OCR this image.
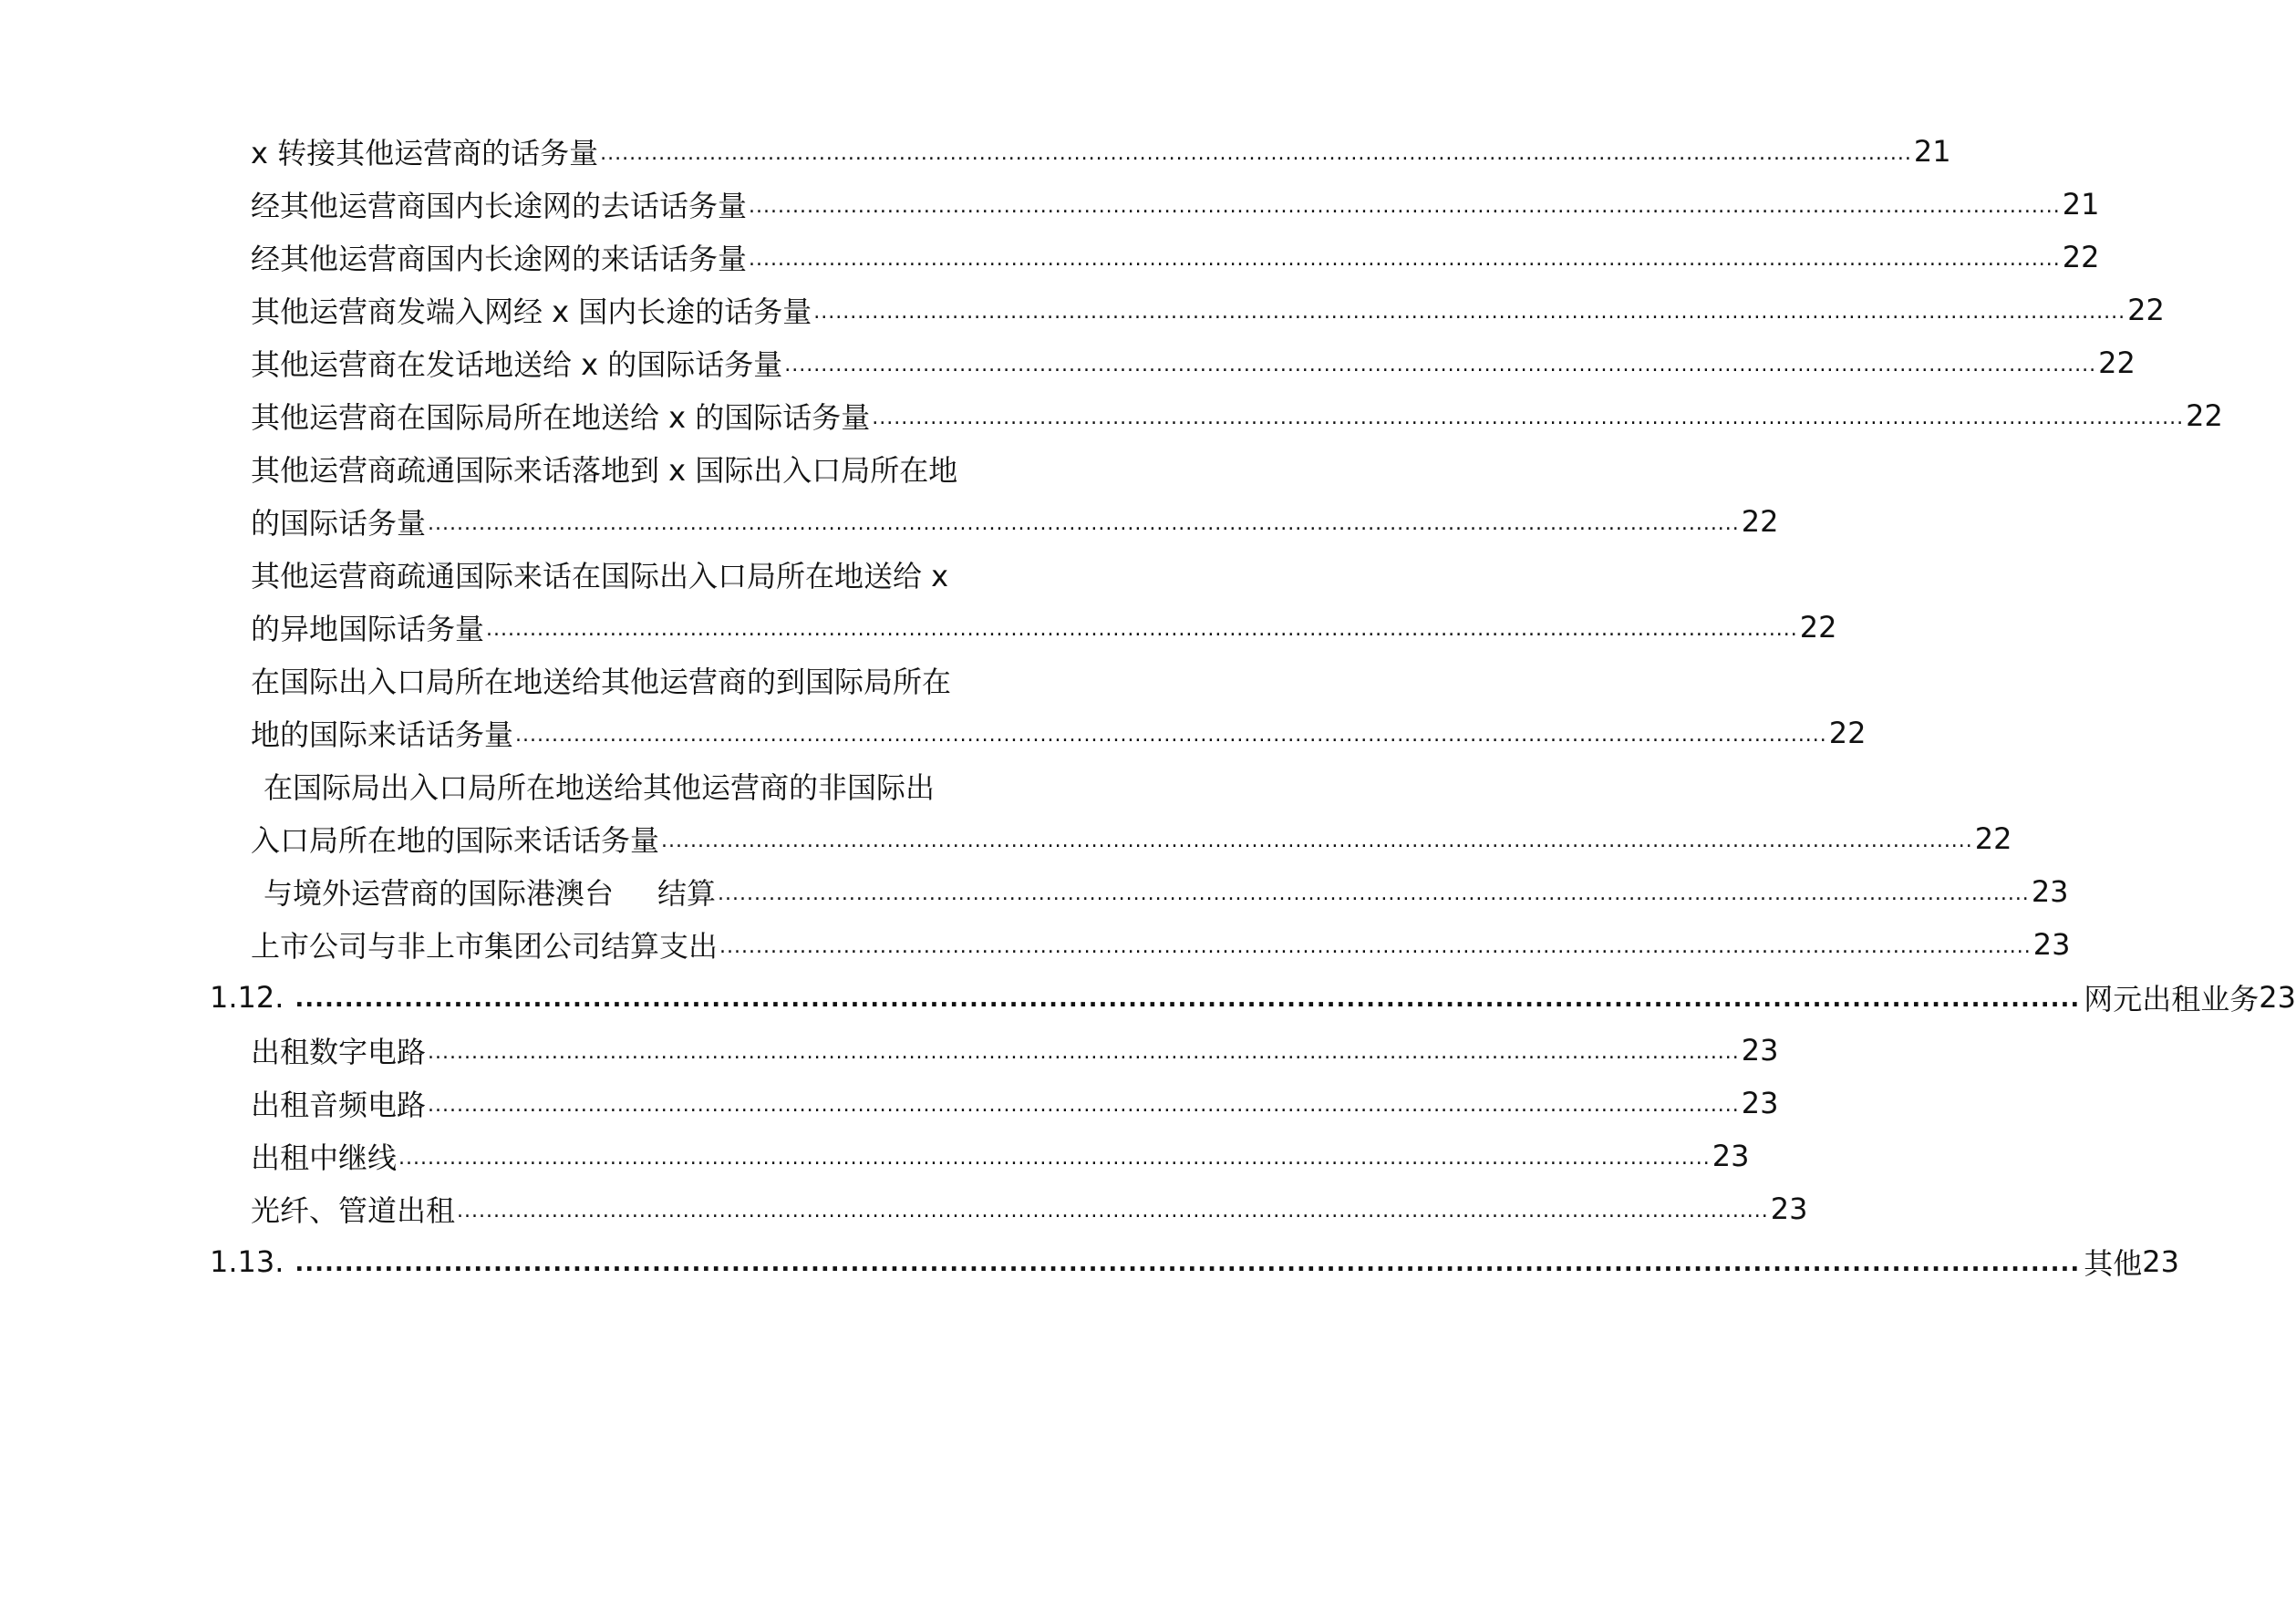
x 转接其他运营商的话务量 .................................................................................................................................................................................... 21
经其他运营商国内长途网的去话话务量 .................................................................................................................................................................................... 21
经其他运营商国内长途网的来话话务量 .................................................................................................................................................................................... 22
其他运营商发端入网经 x 国内长途的话务量 .................................................................................................................................................................................... 22
其他运营商在发话地送给 x 的国际话务量 .................................................................................................................................................................................... 22
其他运营商在国际局所在地送给 x 的国际话务量 .................................................................................................................................................................................... 22
其他运营商疏通国际来话落地到 x 国际出入口局所在地
的国际话务量 .................................................................................................................................................................................... 22
其他运营商疏通国际来话在国际出入口局所在地送给 x
的异地国际话务量 .................................................................................................................................................................................... 22
在国际出入口局所在地送给其他运营商的到国际局所在
地的国际来话话务量 .................................................................................................................................................................................... 22
在国际局出入口局所在地送给其他运营商的非国际出
入口局所在地的国际来话话务量 .................................................................................................................................................................................... 22
与境外运营商的国际港澳台 结算 .................................................................................................................................................................................... 23
上市公司与非上市集团公司结算支出 .................................................................................................................................................................................... 23
1.12. .................................................................................................................................................................................... 网元出租业务 23
出租数字电路 .................................................................................................................................................................................... 23
出租音频电路 .................................................................................................................................................................................... 23
出租中继线 .................................................................................................................................................................................... 23
光纤、管道出租 .................................................................................................................................................................................... 23
1.13. .................................................................................................................................................................................... 其他 23
